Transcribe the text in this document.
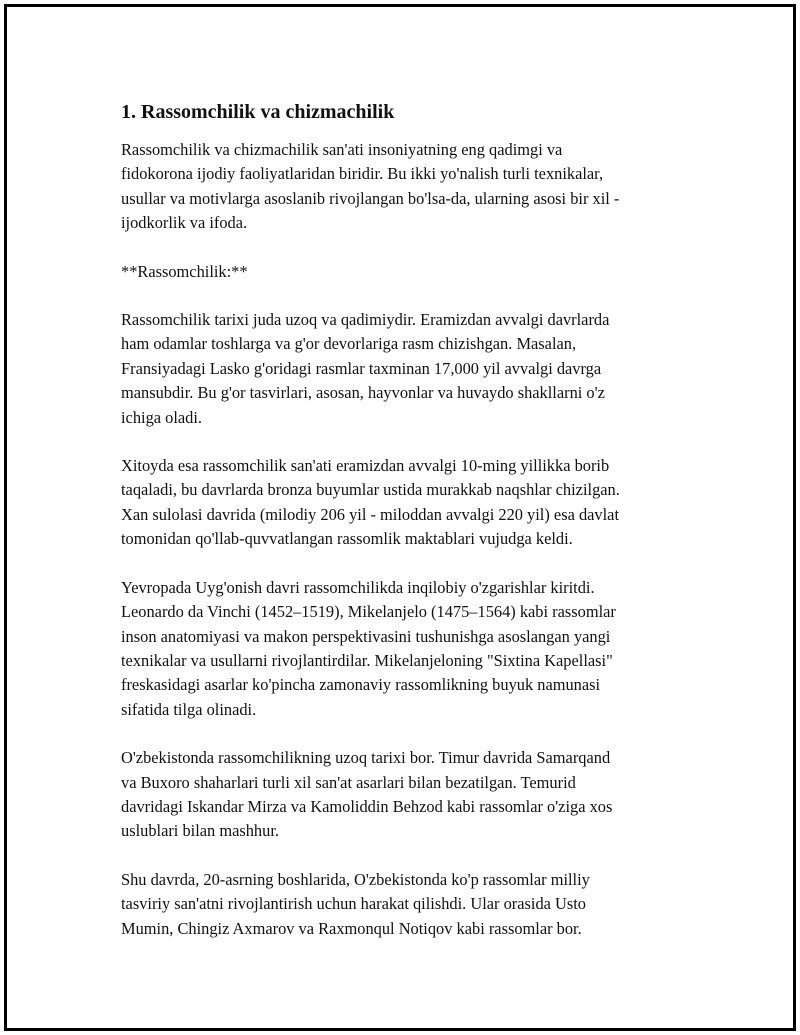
1. Rassomchilik va chizmachilik

Rassomchilik va chizmachilik san'ati insoniyatning eng qadimgi va
fidokorona ijodiy faoliyatlaridan biridir. Bu ikki yo'nalish turli texnikalar,
usullar va motivlarga asoslanib rivojlangan bo'lsa-da, ularning asosi bir xil -
ijodkorlik va ifoda.

**Rassomchilik:**

Rassomchilik tarixi juda uzoq va qadimiydir. Eramizdan avvalgi davrlarda
ham odamlar toshlarga va g'or devorlariga rasm chizishgan. Masalan,
Fransiyadagi Lasko g'oridagi rasmlar taxminan 17,000 yil avvalgi davrga
mansubdir. Bu g'or tasvirlari, asosan, hayvonlar va huvaydo shakllarni o'z
ichiga oladi.

Xitoyda esa rassomchilik san'ati eramizdan avvalgi 10-ming yillikka borib
taqaladi, bu davrlarda bronza buyumlar ustida murakkab naqshlar chizilgan.
Xan sulolasi davrida (milodiy 206 yil - miloddan avvalgi 220 yil) esa davlat
tomonidan qo'llab-quvvatlangan rassomlik maktablari vujudga keldi.

Yevropada Uyg'onish davri rassomchilikda inqilobiy o'zgarishlar kiritdi.
Leonardo da Vinchi (1452–1519), Mikelanjelo (1475–1564) kabi rassomlar
inson anatomiyasi va makon perspektivasini tushunishga asoslangan yangi
texnikalar va usullarni rivojlantirdilar. Mikelanjeloning "Sixtina Kapellasi"
freskasidagi asarlar ko'pincha zamonaviy rassomlikning buyuk namunasi
sifatida tilga olinadi.

O'zbekistonda rassomchilikning uzoq tarixi bor. Timur davrida Samarqand
va Buxoro shaharlari turli xil san'at asarlari bilan bezatilgan. Temurid
davridagi Iskandar Mirza va Kamoliddin Behzod kabi rassomlar o'ziga xos
uslublari bilan mashhur.

Shu davrda, 20-asrning boshlarida, O'zbekistonda ko'p rassomlar milliy
tasviriy san'atni rivojlantirish uchun harakat qilishdi. Ular orasida Usto
Mumin, Chingiz Axmarov va Raxmonqul Notiqov kabi rassomlar bor.
